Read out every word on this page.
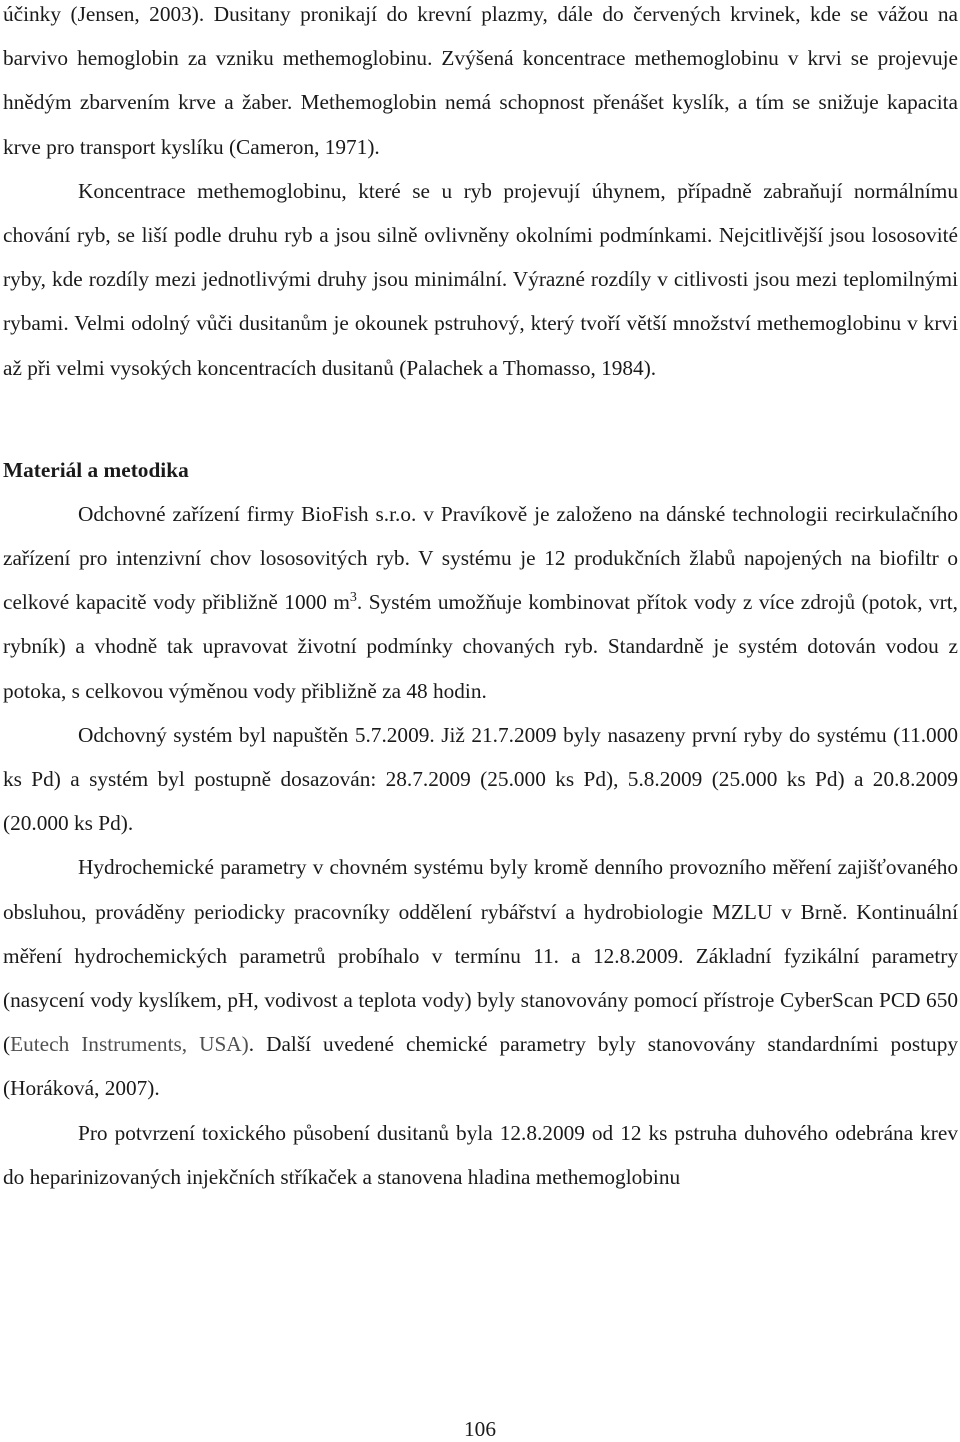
účinky (Jensen, 2003). Dusitany pronikají do krevní plazmy, dále do červených krvinek, kde se vážou na barvivo hemoglobin za vzniku methemoglobinu. Zvýšená koncentrace methemoglobinu v krvi se projevuje hnědým zbarvením krve a žaber. Methemoglobin nemá schopnost přenášet kyslík, a tím se snižuje kapacita krve pro transport kyslíku (Cameron, 1971).

Koncentrace methemoglobinu, které se u ryb projevují úhynem, případně zabraňují normálnímu chování ryb, se liší podle druhu ryb a jsou silně ovlivněny okolními podmínkami. Nejcitlivější jsou lososovité ryby, kde rozdíly mezi jednotlivými druhy jsou minimální. Výrazné rozdíly v citlivosti jsou mezi teplomilnými rybami. Velmi odolný vůči dusitanům je okounek pstruhový, který tvoří větší množství methemoglobinu v krvi až při velmi vysokých koncentracích dusitanů (Palachek a Thomasso, 1984).

Materiál a metodika

Odchovné zařízení firmy BioFish s.r.o. v Pravíkově je založeno na dánské technologii recirkulačního zařízení pro intenzivní chov lososovitých ryb. V systému je 12 produkčních žlabů napojených na biofiltr o celkové kapacitě vody přibližně 1000 $m^3$. Systém umožňuje kombinovat přítok vody z více zdrojů (potok, vrt, rybník) a vhodně tak upravovat životní podmínky chovaných ryb. Standardně je systém dotován vodou z potoka, s celkovou výměnou vody přibližně za 48 hodin.

Odchovný systém byl napuštěn 5.7.2009. Již 21.7.2009 byly nasazeny první ryby do systému (11.000 ks Pd) a systém byl postupně dosazován: 28.7.2009 (25.000 ks Pd), 5.8.2009 (25.000 ks Pd) a 20.8.2009 (20.000 ks Pd).

Hydrochemické parametry v chovném systému byly kromě denního provozního měření zajišťovaného obsluhou, prováděny periodicky pracovníky oddělení rybářství a hydrobiologie MZLU v Brně. Kontinuální měření hydrochemických parametrů probíhalo v termínu 11. a 12.8.2009. Základní fyzikální parametry (nasycení vody kyslíkem, pH, vodivost a teplota vody) byly stanovovány pomocí přístroje CyberScan PCD 650 (Eutech Instruments, USA). Další uvedené chemické parametry byly stanovovány standardními postupy (Horáková, 2007).

Pro potvrzení toxického působení dusitanů byla 12.8.2009 od 12 ks pstruha duhového odebrána krev do heparinizovaných injekčních stříkaček a stanovena hladina methemoglobinu

106
